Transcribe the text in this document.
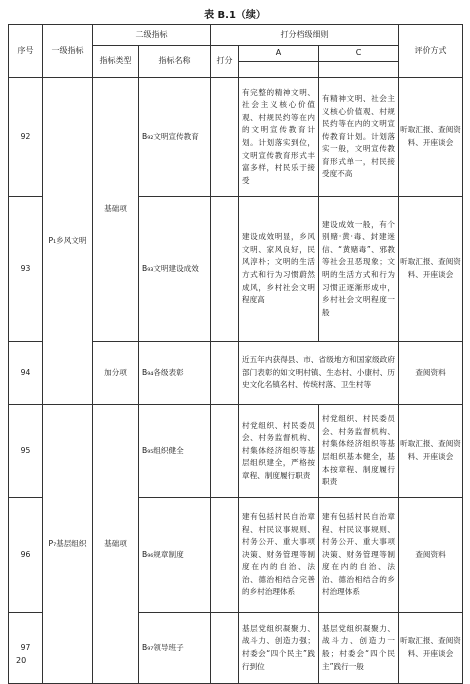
表 B.1（续）
序号	一级指标	二级指标		打分档级细则			评价方式
		指标类型	指标名称	打分	A	C	

92	P₁乡风文明	基础项	B₉₂文明宣传教育		有完整的精神文明、社会主义核心价值观、村规民约等在内的文明宣传教育计划。计划落实到位，文明宣传教育形式丰富多样，村民乐于接受	有精神文明、社会主义核心价值观、村规民约等在内的文明宣传教育计划。计划落实一般，文明宣传教育形式单一，村民接受度不高	听取汇报、查阅资料、开座谈会
93			B₉₃文明建设成效		建设成效明显，乡风文明、家风良好，民风淳朴；文明的生活方式和行为习惯蔚然成风，乡村社会文明程度高	建设成效一般，有个别赌·黄·毒、封建迷信、“黄赌毒”、邪教等社会丑恶现象；文明的生活方式和行为习惯正逐渐形成中，乡村社会文明程度一般	听取汇报、查阅资料、开座谈会
94		加分项	B₉₄各级表彰		近五年内获得县、市、省级地方和国家级政府部门表彰的如文明村镇、生态村、小康村、历史文化名镇名村、传统村落、卫生村等		查阅资料
95	P₇基层组织	基础项	B₉₅组织健全		村党组织、村民委员会、村务监督机构、村集体经济组织等基层组织建全，严格按章程、制度履行职责	村党组织、村民委员会、村务监督机构、村集体经济组织等基层组织基本健全，基本按章程、制度履行职责	听取汇报、查阅资料、开座谈会
96			B₉₆规章制度		建有包括村民自治章程、村民议事规则、村务公开、重大事项决策、财务管理等制度在内的自治、法治、德治相结合完善的乡村治理体系	建有包括村民自治章程、村民议事规则、村务公开、重大事项决策、财务管理等制度在内的自治、法治、德治相结合的乡村治理体系	查阅资料
97			B₉₇领导班子		基层党组织凝聚力、战斗力、创造力强；村委会“四个民主”践行到位	基层党组织凝聚力、战斗力、创造力一般；村委会“四个民主”践行一般	听取汇报、查阅资料、开座谈会
20
